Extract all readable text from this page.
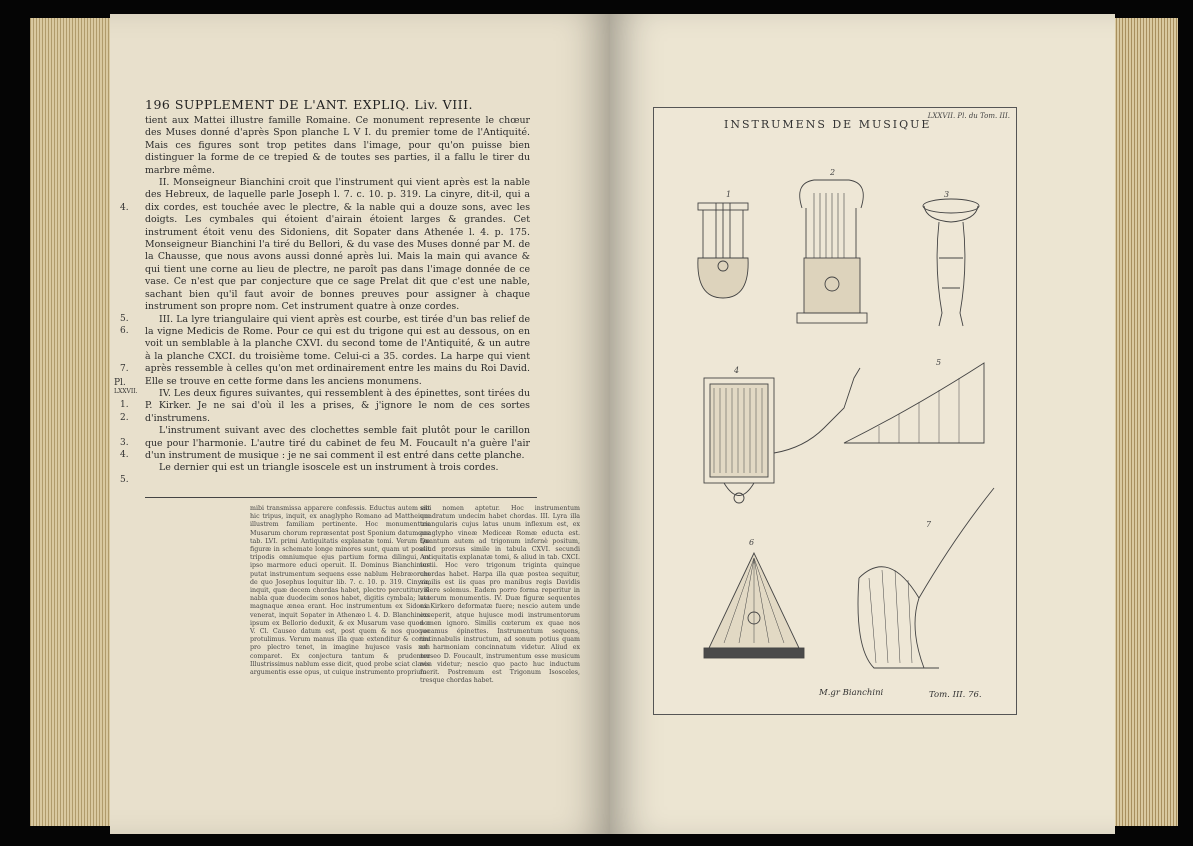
196 SUPPLEMENT DE L'ANT. EXPLIQ. Liv. VIII.

tient aux Mattei illustre famille Romaine. Ce monument represente le chœur des Muses donné d'après Spon planche L V I. du premier tome de l'Antiquité. Mais ces figures sont trop petites dans l'image, pour qu'on puisse bien distinguer la forme de ce trepied & de toutes ses parties, il a fallu le tirer du marbre même.

II. Monseigneur Bianchini croit que l'instrument qui vient après est la nable des Hebreux, de laquelle parle Joseph l. 7. c. 10. p. 319. La cinyre, dit-il, qui a dix cordes, est touchée avec le plectre, & la nable qui a douze sons, avec les doigts. Les cymbales qui étoient d'airain étoient larges & grandes. Cet instrument étoit venu des Sidoniens, dit Sopater dans Athenée l. 4. p. 175. Monseigneur Bianchini l'a tiré du Bellori, & du vase des Muses donné par M. de la Chausse, que nous avons aussi donné après lui. Mais la main qui avance & qui tient une corne au lieu de plectre, ne paroît pas dans l'image donnée de ce vase. Ce n'est que par conjecture que ce sage Prelat dit que c'est une nable, sachant bien qu'il faut avoir de bonnes preuves pour assigner à chaque instrument son propre nom. Cet instrument quatre à onze cordes.

III. La lyre triangulaire qui vient après est courbe, est tirée d'un bas relief de la vigne Medicis de Rome. Pour ce qui est du trigone qui est au dessous, on en voit un semblable à la planche CXVI. du second tome de l'Antiquité, & un autre à la planche CXCI. du troisième tome. Celui-ci a 35. cordes. La harpe qui vient après ressemble à celles qu'on met ordinairement entre les mains du Roi David. Elle se trouve en cette forme dans les anciens monumens.

IV. Les deux figures suivantes, qui ressemblent à des épinettes, sont tirées du P. Kirker. Je ne sai d'où il les a prises, & j'ignore le nom de ces sortes d'instrumens.

L'instrument suivant avec des clochettes semble fait plutôt pour le carillon que pour l'harmonie. L'autre tiré du cabinet de feu M. Foucault n'a guère l'air d'un instrument de musique : je ne sai comment il est entré dans cette planche.

Le dernier qui est un triangle isoscele est un instrument à trois cordes.

4.
5.
6.
7.
Pl.
LXXVII.
1.
2.
3.
4.
5.

mibi transmissa apparere confessis. Eductus autem est hic tripus, inquit, ex anaglypho Romano ad Mattheium illustrem familiam pertinente. Hoc monumentum Musarum chorum repræsentat post Sponium datumque tab. LVI. primi Antiquitatis explanatæ tomi. Verum hæ figuræ in schemate longe minores sunt, quam ut possit tripodis omniumque ejus partium forma dilingui, ex ipso marmore educi operuit. II. Dominus Bianchinius putat instrumentum sequens esse nablum Hebræorum de quo Josephus loquitur lib. 7. c. 10. p. 319. Cinyra, inquit, quæ decem chordas habet, plectro percutitur, & nabla quæ duodecim sonos habet, digitis cymbala; lata magnaque ænea erant. Hoc instrumentum ex Sidonia venerat, inquit Sopater in Athenæo l. 4. D. Blanchinius ipsum ex Bellorio deduxit, & ex Musarum vase quod a V. Cl. Causeo datum est, post quem & nos quoque protulimus. Verum manus illa quæ extenditur & cornu pro plectro tenet, in imagine hujusce vasis non comparet. Ex conjectura tantum & prudenter Illustrissimus nablum esse dicit, quod probe sciat clavis argumentis esse opus, ut cuique instrumento proprium

sibi nomen aptetur. Hoc instrumentum quadratum undecim habet chordas. III. Lyra illa triangularis cujus latus unum inflexum est, ex anaglypho vineæ Mediceæ Romæ educta est. Quantum autem ad trigonum infernè positum, aliud prorsus simile in tabula CXVI. secundi Antiquitatis explanatæ tomi, & aliud in tab. CXCI. tertii. Hoc vero trigonum triginta quinque chordas habet. Harpa illa quæ postea sequitur, similis est iis quas pro manibus regis Davidis videre solemus. Eadem porro forma reperitur in veterum monumentis. IV. Duæ figuræ sequentes ex Kirkero deformatæ fuere; nescio autem unde exceperit, atque hujusce modi instrumentorum nomen ignoro. Similis cœterum ex quae nos vocamus épinettes. Instrumentum sequens, tintinnabulis instructum, ad sonum potius quam ad harmoniam concinnatum videtur. Aliud ex museo D. Foucault, instrumentum esse musicum non videtur; nescio quo pacto huc inductum fuerit. Postremum est Trigonum Isosceles, tresque chordas habet.

LXXVII. Pl. du Tom. III.
INSTRUMENS DE MUSIQUE
1
2
3
4
5
6
7
M.gr Bianchini	Tom. III. 76.
